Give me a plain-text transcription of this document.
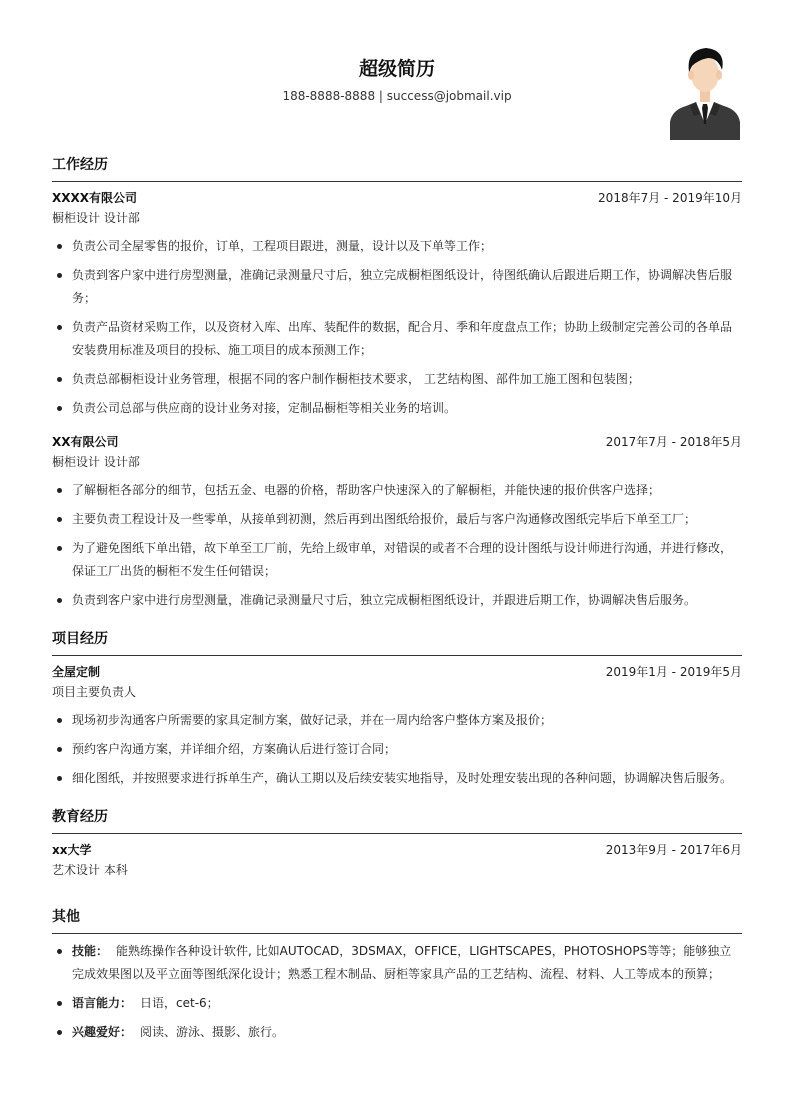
超级简历
188-8888-8888 | success@jobmail.vip
工作经历
XXXX有限公司	2018年7月 - 2019年10月
橱柜设计 设计部
负责公司全屋零售的报价，订单，工程项目跟进，测量，设计以及下单等工作；
负责到客户家中进行房型测量，准确记录测量尺寸后，独立完成橱柜图纸设计，待图纸确认后跟进后期工作，协调解决售后服务；
负责产品资材采购工作，以及资材入库、出库、装配件的数据，配合月、季和年度盘点工作；协助上级制定完善公司的各单品安装费用标准及项目的投标、施工项目的成本预测工作；
负责总部橱柜设计业务管理，根据不同的客户制作橱柜技术要求， 工艺结构图、部件加工施工图和包装图；
负责公司总部与供应商的设计业务对接，定制品橱柜等相关业务的培训。
XX有限公司	2017年7月 - 2018年5月
橱柜设计 设计部
了解橱柜各部分的细节，包括五金、电器的价格，帮助客户快速深入的了解橱柜，并能快速的报价供客户选择；
主要负责工程设计及一些零单，从接单到初测，然后再到出图纸给报价，最后与客户沟通修改图纸完毕后下单至工厂；
为了避免图纸下单出错，故下单至工厂前，先给上级审单，对错误的或者不合理的设计图纸与设计师进行沟通，并进行修改，保证工厂出货的橱柜不发生任何错误；
负责到客户家中进行房型测量，准确记录测量尺寸后，独立完成橱柜图纸设计，并跟进后期工作，协调解决售后服务。
项目经历
全屋定制	2019年1月 - 2019年5月
项目主要负责人
现场初步沟通客户所需要的家具定制方案，做好记录，并在一周内给客户整体方案及报价；
预约客户沟通方案，并详细介绍，方案确认后进行签订合同；
细化图纸，并按照要求进行拆单生产，确认工期以及后续安装实地指导，及时处理安装出现的各种问题，协调解决售后服务。
教育经历
xx大学	2013年9月 - 2017年6月
艺术设计 本科
其他
技能： 能熟练操作各种设计软件, 比如AUTOCAD，3DSMAX，OFFICE，LIGHTSCAPES，PHOTOSHOPS等等；能够独立完成效果图以及平立面等图纸深化设计；熟悉工程木制品、厨柜等家具产品的工艺结构、流程、材料、人工等成本的预算；
语言能力： 日语，cet-6；
兴趣爱好： 阅读、游泳、摄影、旅行。
